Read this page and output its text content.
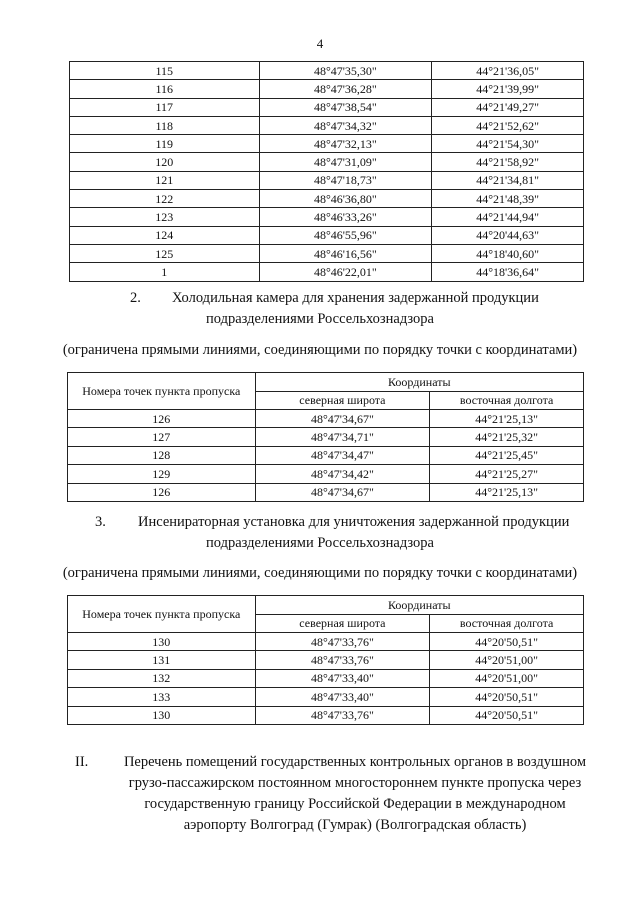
4
115	48°47'35,30"	44°21'36,05"
116	48°47'36,28"	44°21'39,99"
117	48°47'38,54"	44°21'49,27"
118	48°47'34,32"	44°21'52,62"
119	48°47'32,13"	44°21'54,30"
120	48°47'31,09"	44°21'58,92"
121	48°47'18,73"	44°21'34,81"
122	48°46'36,80"	44°21'48,39"
123	48°46'33,26"	44°21'44,94"
124	48°46'55,96"	44°20'44,63"
125	48°46'16,56"	44°18'40,60"
1	48°46'22,01"	44°18'36,64"
2. Холодильная камера для хранения задержанной продукции
подразделениями Россельхознадзора
(ограничена прямыми линиями, соединяющими по порядку точки с координатами)
Номера точек пункта пропуска	Координаты	
	северная широта	восточная долгота
126	48°47'34,67"	44°21'25,13"
127	48°47'34,71"	44°21'25,32"
128	48°47'34,47"	44°21'25,45"
129	48°47'34,42"	44°21'25,27"
126	48°47'34,67"	44°21'25,13"
3. Инсенираторная установка для уничтожения задержанной продукции
подразделениями Россельхознадзора
(ограничена прямыми линиями, соединяющими по порядку точки с координатами)
Номера точек пункта пропуска	Координаты	
	северная широта	восточная долгота
130	48°47'33,76"	44°20'50,51"
131	48°47'33,76"	44°20'51,00"
132	48°47'33,40"	44°20'51,00"
133	48°47'33,40"	44°20'50,51"
130	48°47'33,76"	44°20'50,51"
II.	Перечень помещений государственных контрольных органов в воздушном грузо-пассажирском постоянном многостороннем пункте пропуска через государственную границу Российской Федерации в международном аэропорту Волгоград (Гумрак) (Волгоградская область)
